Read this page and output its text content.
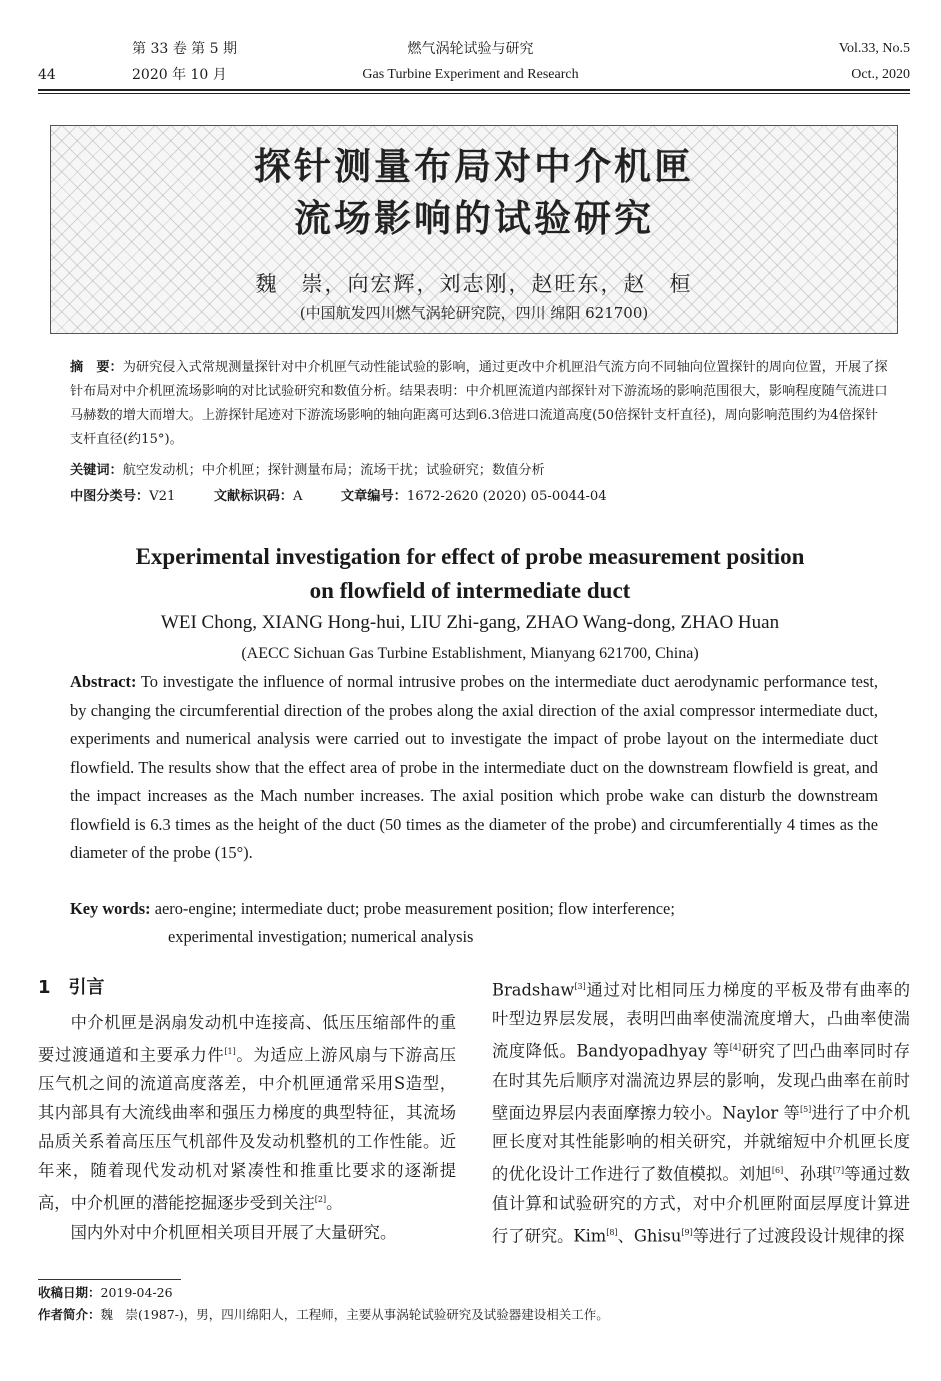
第 33 卷 第 5 期
2020 年 10 月
44
燃气涡轮试验与研究
Gas Turbine Experiment and Research
Vol.33, No.5
Oct., 2020
探针测量布局对中介机匣
流场影响的试验研究
魏　崇，向宏辉，刘志刚，赵旺东，赵　桓
(中国航发四川燃气涡轮研究院，四川 绵阳 621700)
摘　要：为研究侵入式常规测量探针对中介机匣气动性能试验的影响，通过更改中介机匣沿气流方向不同轴向位置探针的周向位置，开展了探针布局对中介机匣流场影响的对比试验研究和数值分析。结果表明：中介机匣流道内部探针对下游流场的影响范围很大，影响程度随气流进口马赫数的增大而增大。上游探针尾迹对下游流场影响的轴向距离可达到6.3倍进口流道高度(50倍探针支杆直径)，周向影响范围约为4倍探针支杆直径(约15°)。
关键词：航空发动机；中介机匣；探针测量布局；流场干扰；试验研究；数值分析
中图分类号：V21	文献标识码：A	文章编号：1672-2620 (2020) 05-0044-04
Experimental investigation for effect of probe measurement position
on flowfield of intermediate duct
WEI Chong, XIANG Hong-hui, LIU Zhi-gang, ZHAO Wang-dong, ZHAO Huan
(AECC Sichuan Gas Turbine Establishment, Mianyang 621700, China)
Abstract: To investigate the influence of normal intrusive probes on the intermediate duct aerodynamic performance test, by changing the circumferential direction of the probes along the axial direction of the axial compressor intermediate duct, experiments and numerical analysis were carried out to investigate the impact of probe layout on the intermediate duct flowfield. The results show that the effect area of probe in the intermediate duct on the downstream flowfield is great, and the impact increases as the Mach number increases. The axial position which probe wake can disturb the downstream flowfield is 6.3 times as the height of the duct (50 times as the diameter of the probe) and circumferentially 4 times as the diameter of the probe (15°).
Key words: aero-engine; intermediate duct; probe measurement position; flow interference;
experimental investigation; numerical analysis
1　引言

中介机匣是涡扇发动机中连接高、低压压缩部件的重要过渡通道和主要承力件[1]。为适应上游风扇与下游高压压气机之间的流道高度落差，中介机匣通常采用S造型，其内部具有大流线曲率和强压力梯度的典型特征，其流场品质关系着高压压气机部件及发动机整机的工作性能。近年来，随着现代发动机对紧凑性和推重比要求的逐渐提高，中介机匣的潜能挖掘逐步受到关注[2]。

国内外对中介机匣相关项目开展了大量研究。

Bradshaw[3]通过对比相同压力梯度的平板及带有曲率的叶型边界层发展，表明凹曲率使湍流度增大，凸曲率使湍流度降低。Bandyopadhyay 等[4]研究了凹凸曲率同时存在时其先后顺序对湍流边界层的影响，发现凸曲率在前时壁面边界层内表面摩擦力较小。Naylor 等[5]进行了中介机匣长度对其性能影响的相关研究，并就缩短中介机匣长度的优化设计工作进行了数值模拟。刘旭[6]、孙琪[7]等通过数值计算和试验研究的方式，对中介机匣附面层厚度计算进行了研究。Kim[8]、Ghisu[9]等进行了过渡段设计规律的探

收稿日期：2019-04-26
作者简介：魏　崇(1987-)，男，四川绵阳人，工程师，主要从事涡轮试验研究及试验器建设相关工作。
